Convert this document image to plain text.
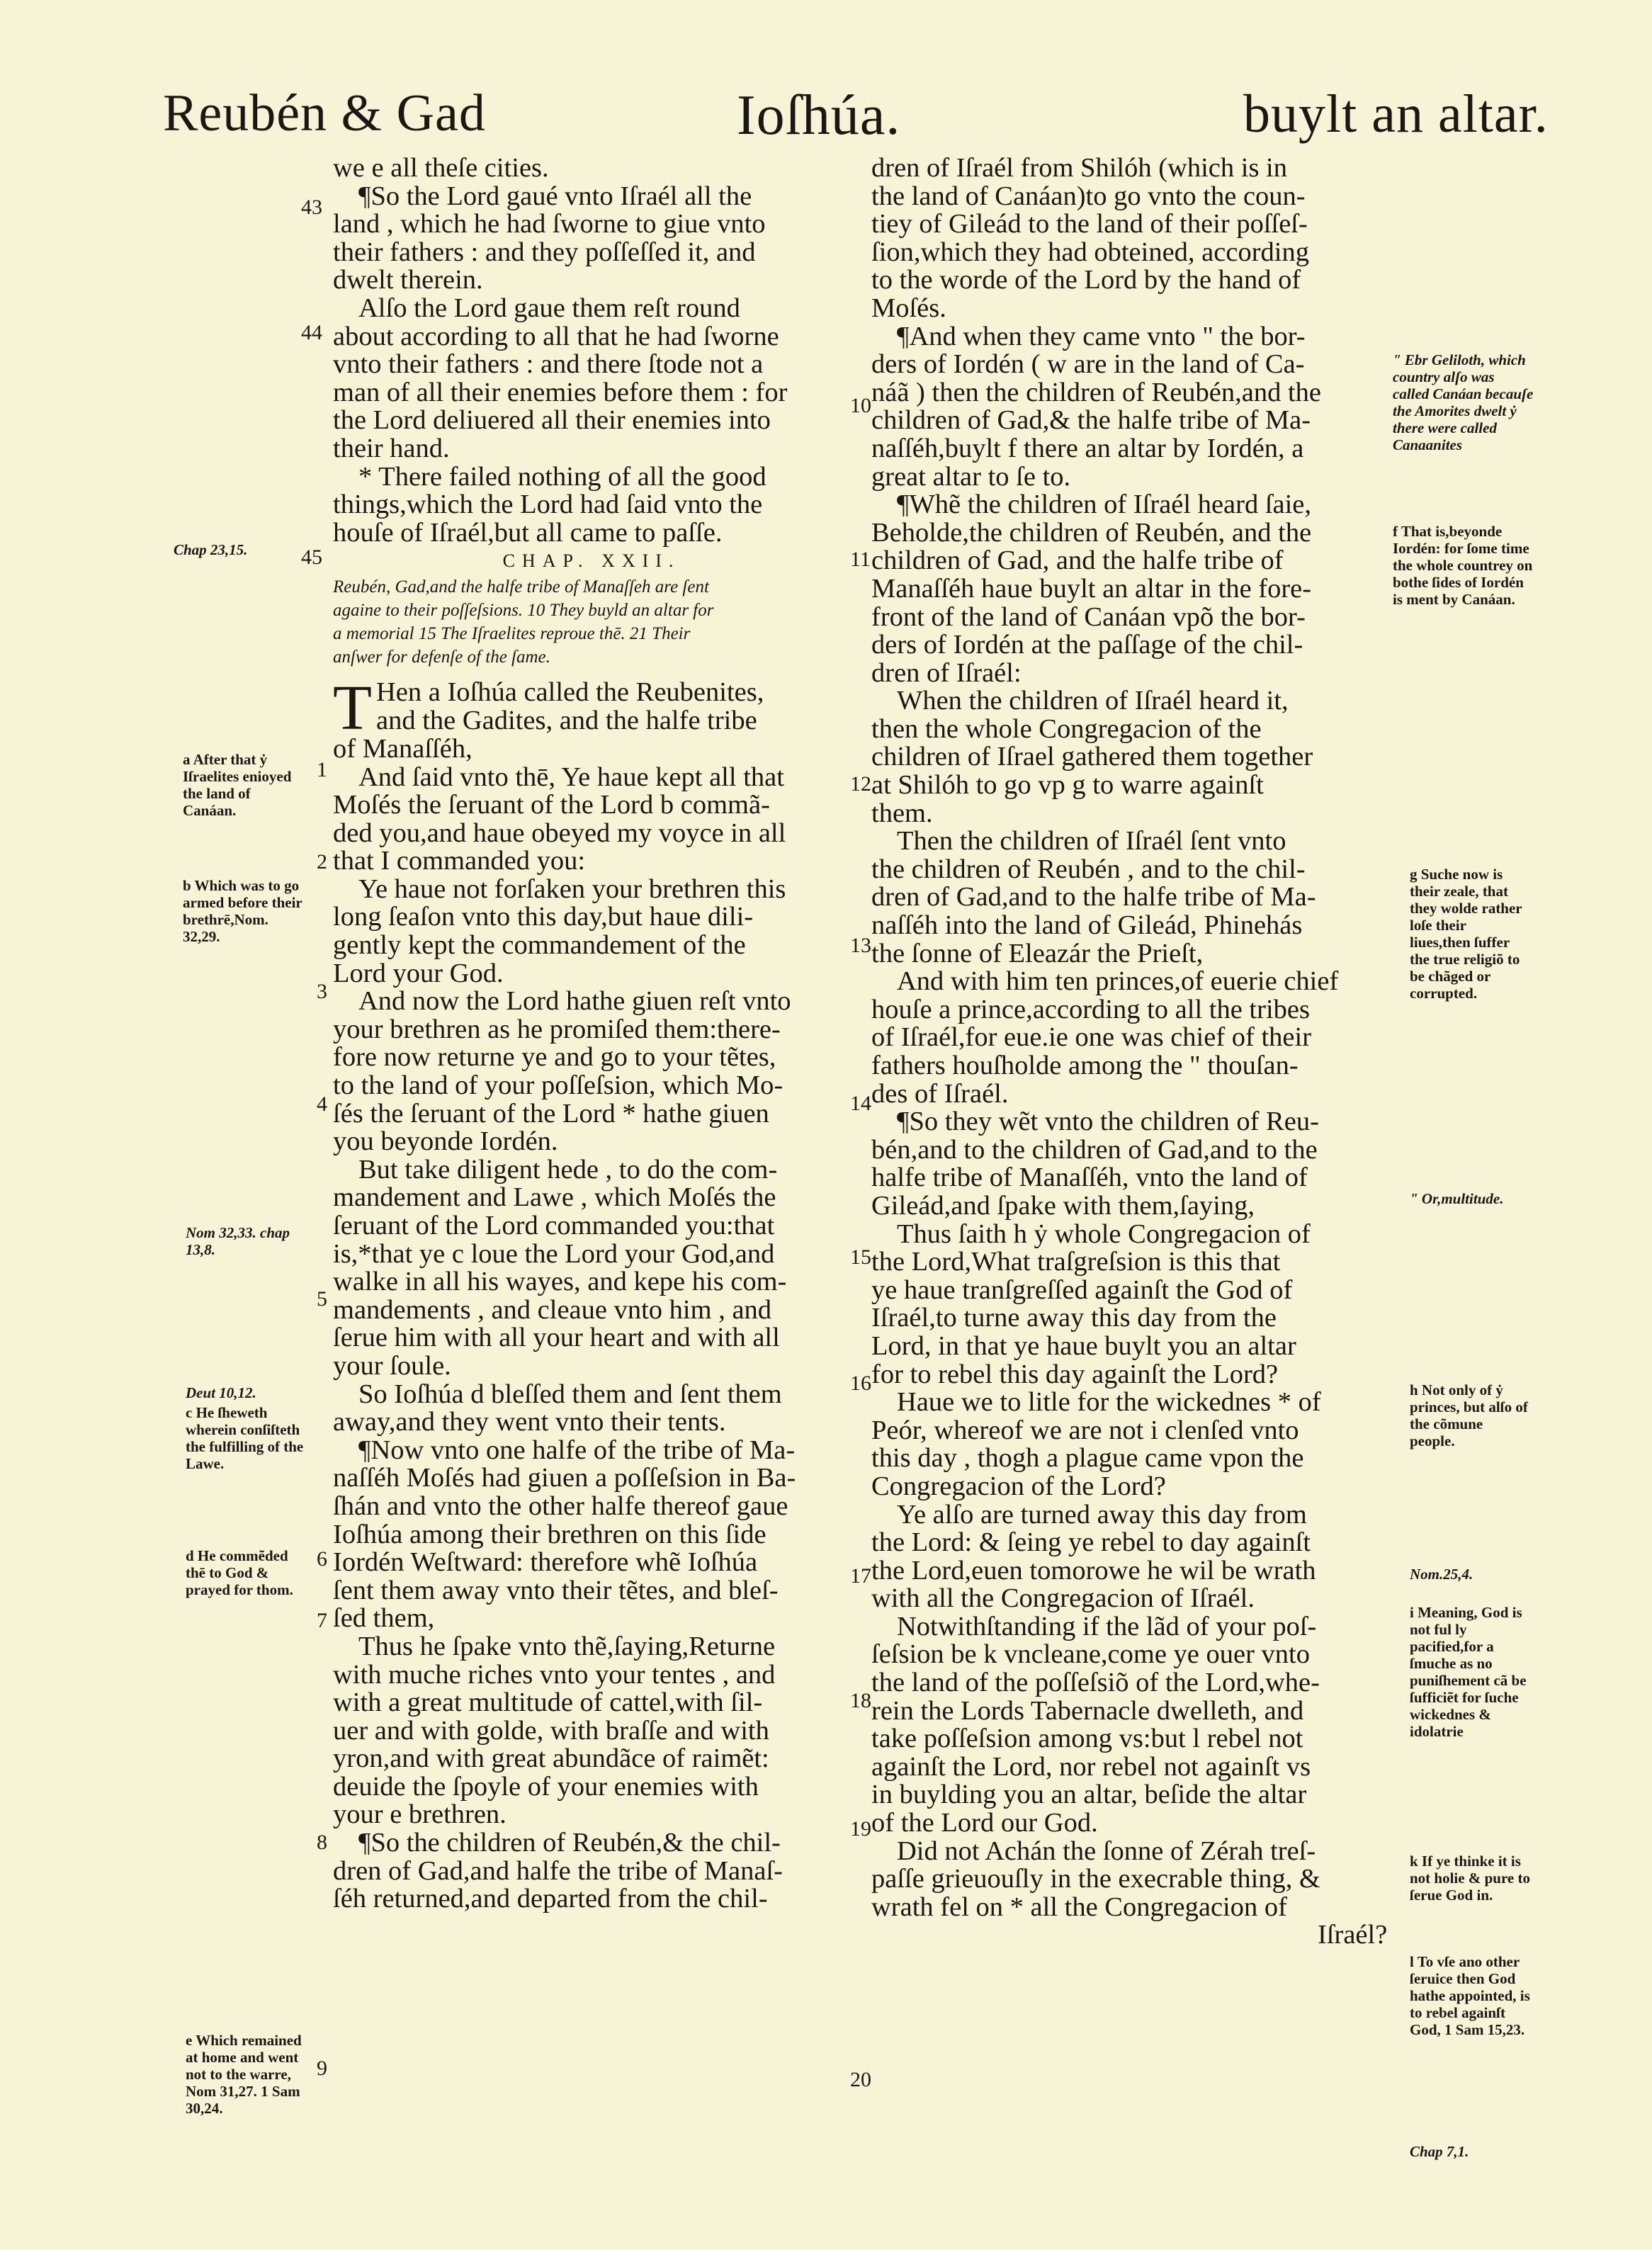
Reubén & Gad	Ioſhúa.	buylt an altar.
we e all theſe cities.
¶So the Lord gaué vnto Iſraél all the
land , which he had ſworne to giue vnto
their fathers : and they poſſeſſed it, and
dwelt therein.
Alſo the Lord gaue them reſt round
about according to all that he had ſworne
vnto their fathers : and there ſtode not a
man of all their enemies before them : for
the Lord deliuered all their enemies into
their hand.
* There failed nothing of all the good
things,which the Lord had ſaid vnto the
houſe of Iſraél,but all came to paſſe.
CHAP. XXII.
Reubén, Gad,and the halfe tribe of Manaſſeh are ſent
againe to their poſſeſsions. 10 They buyld an altar for
a memorial 15 The Iſraelites reproue thē. 21 Their
anſwer for defenſe of the ſame.
T Hen a Ioſhúa called the Reubenites,
and the Gadites, and the halfe tribe
of Manaſſéh,
And ſaid vnto thē, Ye haue kept all that
Moſés the ſeruant of the Lord b commã-
ded you,and haue obeyed my voyce in all
that I commanded you:
Ye haue not forſaken your brethren this
long ſeaſon vnto this day,but haue dili-
gently kept the commandement of the
Lord your God.
And now the Lord hathe giuen reſt vnto
your brethren as he promiſed them:there-
fore now returne ye and go to your tẽtes,
to the land of your poſſeſsion, which Mo-
ſés the ſeruant of the Lord * hathe giuen
you beyonde Iordén.
But take diligent hede , to do the com-
mandement and Lawe , which Moſés the
ſeruant of the Lord commanded you:that
is,*that ye c loue the Lord your God,and
walke in all his wayes, and kepe his com-
mandements , and cleaue vnto him , and
ſerue him with all your heart and with all
your ſoule.
So Ioſhúa d bleſſed them and ſent them
away,and they went vnto their tents.
¶Now vnto one halfe of the tribe of Ma-
naſſéh Moſés had giuen a poſſeſsion in Ba-
ſhán and vnto the other halfe thereof gaue
Ioſhúa among their brethren on this ſide
Iordén Weſtward: therefore whẽ Ioſhúa
ſent them away vnto their tẽtes, and bleſ-
ſed them,
Thus he ſpake vnto thẽ,ſaying,Returne
with muche riches vnto your tentes , and
with a great multitude of cattel,with ſil-
uer and with golde, with braſſe and with
yron,and with great abundãce of raimẽt:
deuide the ſpoyle of your enemies with
your e brethren.
¶So the children of Reubén,& the chil-
dren of Gad,and halfe the tribe of Manaſ-
ſéh returned,and departed from the chil-
43
44
45
1
2
3
4
5
6
7
8
9
Chap 23,15.
a After that ẏ Iſraelites enioyed the land of Canáan.
b Which was to go armed before their brethrē,Nom. 32,29.
Nom 32,33. chap 13,8.
Deut 10,12.
c He ſheweth wherein conſiſteth the fulfilling of the Lawe.
d He commẽded thē to God & prayed for thom.
e Which remained at home and went not to the warre, Nom 31,27. 1 Sam 30,24.
dren of Iſraél from Shilóh (which is in
the land of Canáan)to go vnto the coun-
tiey of Gileád to the land of their poſſeſ-
ſion,which they had obteined, according
to the worde of the Lord by the hand of
Moſés.
¶And when they came vnto " the bor-
ders of Iordén ( w are in the land of Ca-
náã ) then the children of Reubén,and the
children of Gad,& the halfe tribe of Ma-
naſſéh,buylt f there an altar by Iordén, a
great altar to ſe to.
¶Whẽ the children of Iſraél heard ſaie,
Beholde,the children of Reubén, and the
children of Gad, and the halfe tribe of
Manaſſéh haue buylt an altar in the fore-
front of the land of Canáan vpõ the bor-
ders of Iordén at the paſſage of the chil-
dren of Iſraél:
When the children of Iſraél heard it,
then the whole Congregacion of the
children of Iſrael gathered them together
at Shilóh to go vp g to warre againſt
them.
Then the children of Iſraél ſent vnto
the children of Reubén , and to the chil-
dren of Gad,and to the halfe tribe of Ma-
naſſéh into the land of Gileád, Phinehás
the ſonne of Eleazár the Prieſt,
And with him ten princes,of euerie chief
houſe a prince,according to all the tribes
of Iſraél,for eue.ie one was chief of their
fathers houſholde among the " thouſan-
des of Iſraél.
¶So they wẽt vnto the children of Reu-
bén,and to the children of Gad,and to the
halfe tribe of Manaſſéh, vnto the land of
Gileád,and ſpake with them,ſaying,
Thus ſaith h ẏ whole Congregacion of
the Lord,What traſgreſsion is this that
ye haue tranſgreſſed againſt the God of
Iſraél,to turne away this day from the
Lord, in that ye haue buylt you an altar
for to rebel this day againſt the Lord?
Haue we to litle for the wickednes * of
Peór, whereof we are not i clenſed vnto
this day , thogh a plague came vpon the
Congregacion of the Lord?
Ye alſo are turned away this day from
the Lord: & ſeing ye rebel to day againſt
the Lord,euen tomorowe he wil be wrath
with all the Congregacion of Iſraél.
Notwithſtanding if the lãd of your poſ-
ſeſsion be k vncleane,come ye ouer vnto
the land of the poſſeſsiõ of the Lord,whe-
rein the Lords Tabernacle dwelleth, and
take poſſeſsion among vs:but l rebel not
againſt the Lord, nor rebel not againſt vs
in buylding you an altar, beſide the altar
of the Lord our God.
Did not Achán the ſonne of Zérah treſ-
paſſe grieuouſly in the execrable thing, &
wrath fel on * all the Congregacion of
Iſraél?
10
11
12
13
14
15
16
17
18
19
20
" Ebr Geliloth, which country alſo was called Canáan becauſe the Amorites dwelt ẏ there were called Canaanites
f That is,beyonde Iordén: for ſome time the whole countrey on bothe ſides of Iordén is ment by Canáan.
g Suche now is their zeale, that they wolde rather loſe their liues,then ſuffer the true religiõ to be chãged or corrupted.
" Or,multitude.
h Not only of ẏ princes, but alſo of the cõmune people.
Nom.25,4.
i Meaning, God is not ful ly pacified,for a ſmuche as no puniſhement cã be ſufficiẽt for ſuche wickednes & idolatrie
k If ye thinke it is not holie & pure to ſerue God in.
l To vſe ano other ſeruice then God hathe appointed, is to rebel againſt God, 1 Sam 15,23.
Chap 7,1.
